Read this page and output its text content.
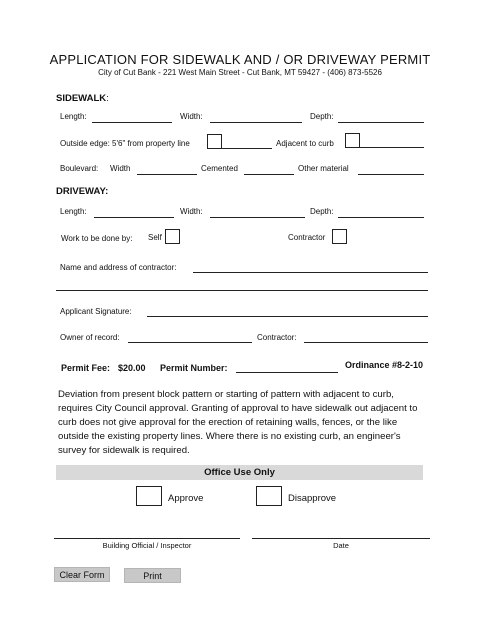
APPLICATION FOR SIDEWALK AND / OR DRIVEWAY PERMIT
City of Cut Bank - 221 West Main Street - Cut Bank, MT 59427 - (406) 873-5526
SIDEWALK:
Length:	Width:	Depth:
Outside edge: 5'6" from property line	Adjacent to curb
Boulevard: Width	Cemented	Other material
DRIVEWAY:
Length:	Width:	Depth:
Work to be done by: Self	Contractor
Name and address of contractor:
Applicant Signature:
Owner of record:	Contractor:
Permit Fee: $20.00 Permit Number:	Ordinance #8-2-10
Deviation from present block pattern or starting of pattern with adjacent to curb, requires City Council approval. Granting of approval to have sidewalk out adjacent to curb does not give approval for the erection of retaining walls, fences, or the like outside the existing property lines. Where there is no existing curb, an engineer's survey for sidewalk is required.
Office Use Only
Approve	Disapprove
Building Official / Inspector	Date
Clear Form	Print
